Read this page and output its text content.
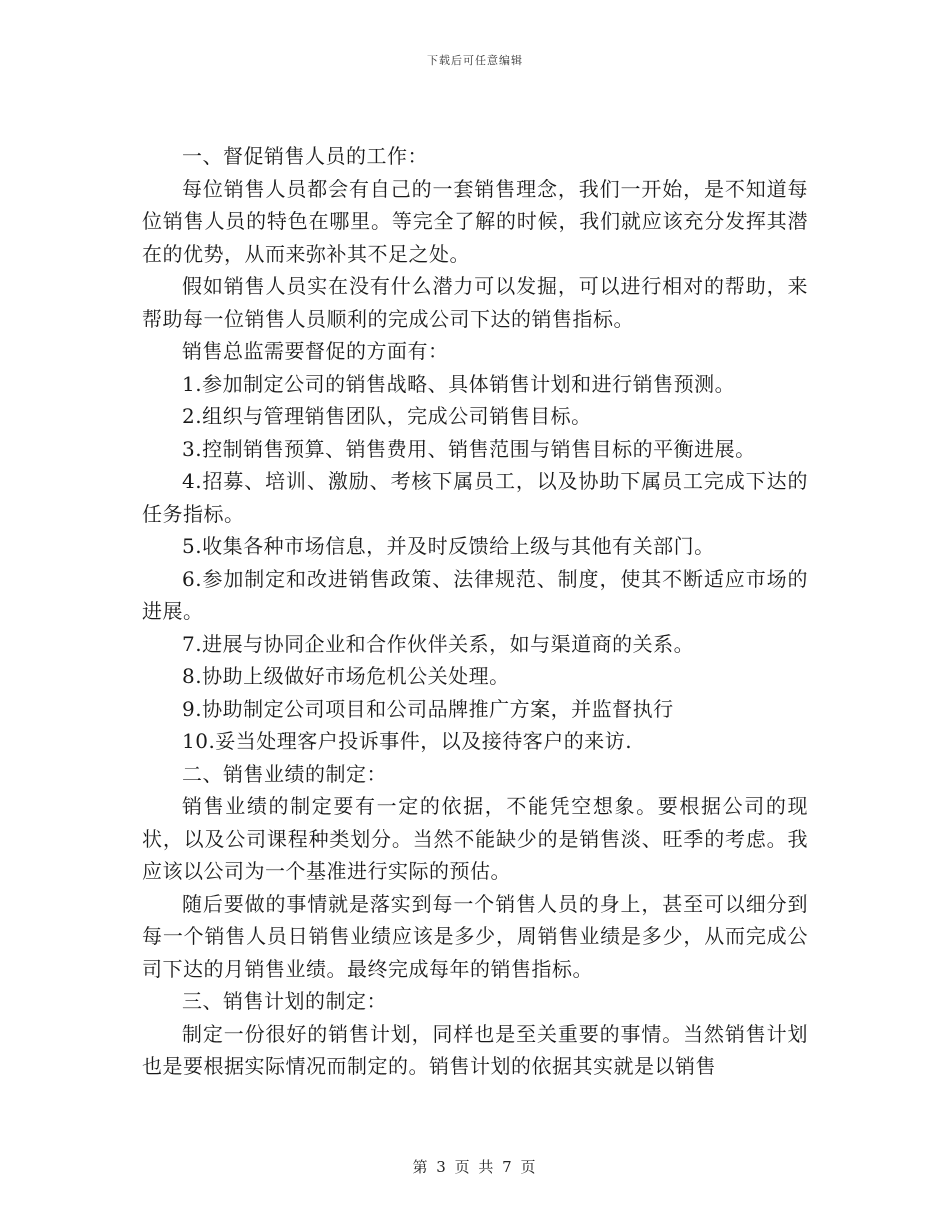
下载后可任意编辑

一、督促销售人员的工作：

每位销售人员都会有自己的一套销售理念，我们一开始，是不知道每位销售人员的特色在哪里。等完全了解的时候，我们就应该充分发挥其潜在的优势，从而来弥补其不足之处。

假如销售人员实在没有什么潜力可以发掘，可以进行相对的帮助，来帮助每一位销售人员顺利的完成公司下达的销售指标。

销售总监需要督促的方面有：

1.参加制定公司的销售战略、具体销售计划和进行销售预测。

2.组织与管理销售团队，完成公司销售目标。

3.控制销售预算、销售费用、销售范围与销售目标的平衡进展。

4.招募、培训、激励、考核下属员工，以及协助下属员工完成下达的任务指标。

5.收集各种市场信息，并及时反馈给上级与其他有关部门。

6.参加制定和改进销售政策、法律规范、制度，使其不断适应市场的进展。

7.进展与协同企业和合作伙伴关系，如与渠道商的关系。

8.协助上级做好市场危机公关处理。

9.协助制定公司项目和公司品牌推广方案，并监督执行

10.妥当处理客户投诉事件，以及接待客户的来访.

二、销售业绩的制定：

销售业绩的制定要有一定的依据，不能凭空想象。要根据公司的现状，以及公司课程种类划分。当然不能缺少的是销售淡、旺季的考虑。我应该以公司为一个基准进行实际的预估。

随后要做的事情就是落实到每一个销售人员的身上，甚至可以细分到每一个销售人员日销售业绩应该是多少，周销售业绩是多少，从而完成公司下达的月销售业绩。最终完成每年的销售指标。

三、销售计划的制定：

制定一份很好的销售计划，同样也是至关重要的事情。当然销售计划也是要根据实际情况而制定的。销售计划的依据其实就是以销售

第 3 页 共 7 页
